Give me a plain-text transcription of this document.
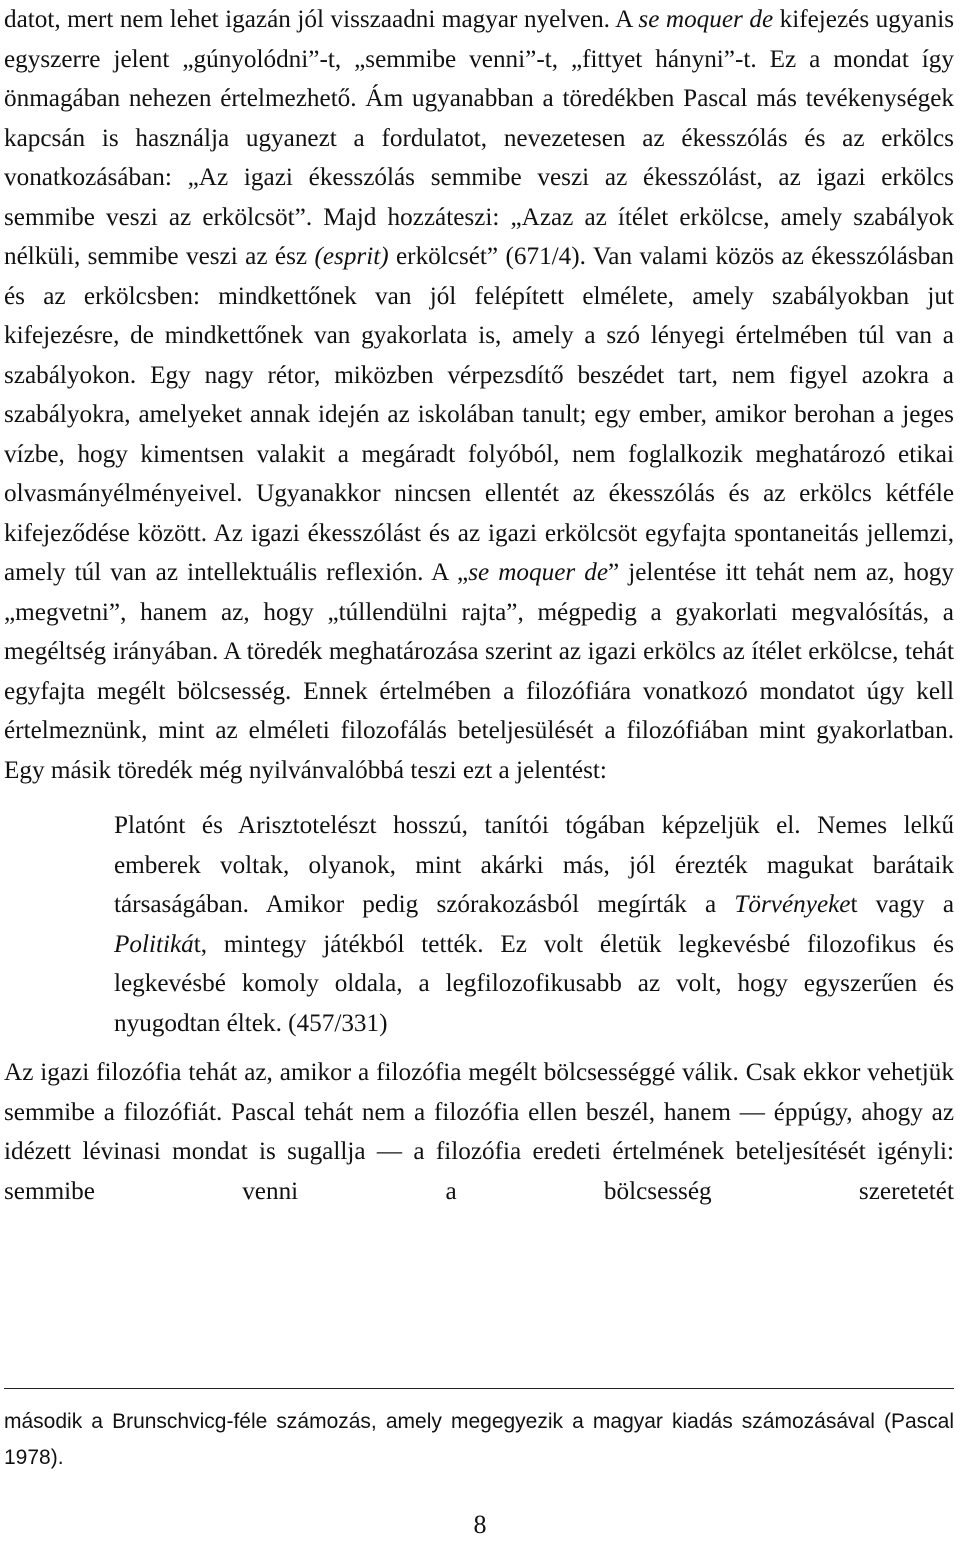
datot, mert nem lehet igazán jól visszaadni magyar nyelven. A se moquer de kifejezés ugyanis egyszerre jelent „gúnyolódni”-t, „semmibe venni”-t, „fittyet hányni”-t. Ez a mondat így önmagában nehezen értelmezhető. Ám ugyanabban a töredékben Pascal más tevékenységek kapcsán is használja ugyanezt a fordulatot, nevezetesen az ékesszólás és az erkölcs vonatkozásában: „Az igazi ékesszólás semmibe veszi az ékesszólást, az igazi erkölcs semmibe veszi az erkölcsöt”. Majd hozzáteszi: „Azaz az ítélet erkölcse, amely szabályok nélküli, semmibe veszi az ész (esprit) erkölcsét” (671/4). Van valami közös az ékesszólásban és az erkölcsben: mindkettőnek van jól felépített elmélete, amely szabályokban jut kifejezésre, de mindkettőnek van gyakorlata is, amely a szó lényegi értelmében túl van a szabályokon. Egy nagy rétor, miközben vérpezsdítő beszédet tart, nem figyel azokra a szabályokra, amelyeket annak idején az iskolában tanult; egy ember, amikor berohan a jeges vízbe, hogy kimentsen valakit a megáradt folyóból, nem foglalkozik meghatározó etikai olvasmányélményeivel. Ugyanakkor nincsen ellentét az ékesszólás és az erkölcs kétféle kifejeződése között. Az igazi ékesszólást és az igazi erkölcsöt egyfajta spontaneitás jellemzi, amely túl van az intellektuális reflexión. A „se moquer de” jelentése itt tehát nem az, hogy „megvetni”, hanem az, hogy „túllendülni rajta”, mégpedig a gyakorlati megvalósítás, a megéltség irányában. A töredék meghatározása szerint az igazi erkölcs az ítélet erkölcse, tehát egyfajta megélt bölcsesség. Ennek értelmében a filozófiára vonatkozó mondatot úgy kell értelmeznünk, mint az elméleti filozofálás beteljesülését a filozófiában mint gyakorlatban. Egy másik töredék még nyilvánvalóbbá teszi ezt a jelentést:

Platónt és Arisztotelészt hosszú, tanítói tógában képzeljük el. Nemes lelkű emberek voltak, olyanok, mint akárki más, jól érezték magukat barátaik társaságában. Amikor pedig szórakozásból megírták a Törvényeket vagy a Politikát, mintegy játékból tették. Ez volt életük legkevésbé filozofikus és legkevésbé komoly oldala, a legfilozofikusabb az volt, hogy egyszerűen és nyugodtan éltek. (457/331)

Az igazi filozófia tehát az, amikor a filozófia megélt bölcsességgé válik. Csak ekkor vehetjük semmibe a filozófiát. Pascal tehát nem a filozófia ellen beszél, hanem — éppúgy, ahogy az idézett lévinasi mondat is sugallja — a filozófia eredeti értelmének beteljesítését igényli: semmibe venni a bölcsesség szeretetét

második a Brunschvicg-féle számozás, amely megegyezik a magyar kiadás számozásával (Pascal 1978).
8
